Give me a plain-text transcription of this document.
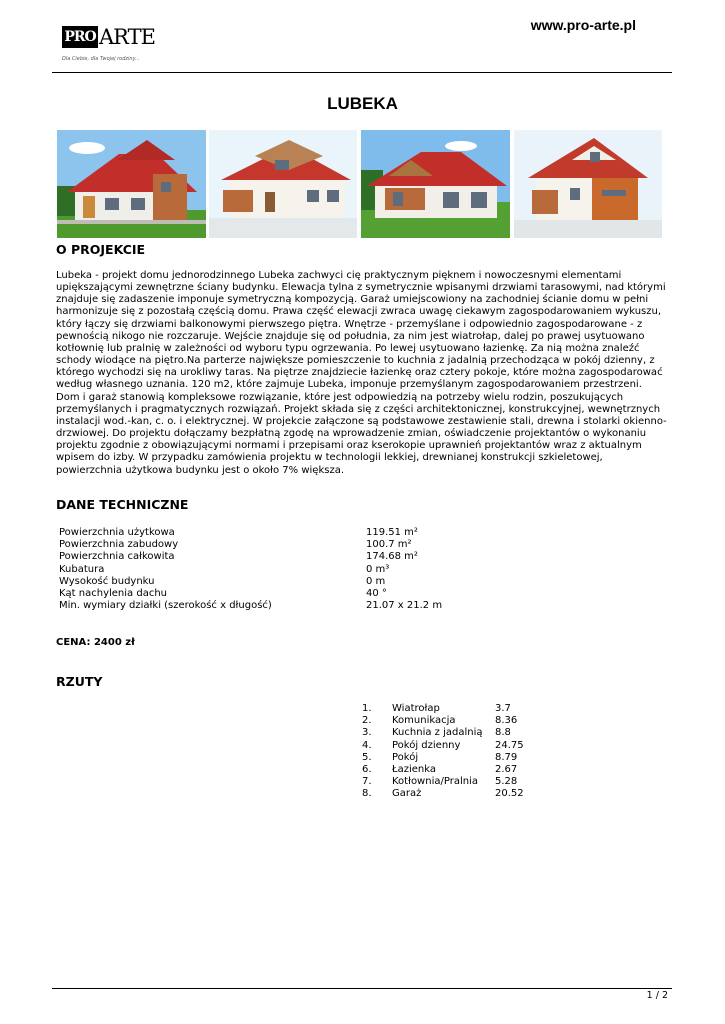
PRO ARTE
Dla Ciebie, dla Twojej rodziny...
www.pro-arte.pl
LUBEKA
O PROJEKCIE
Lubeka - projekt domu jednorodzinnego Lubeka zachwyci cię praktycznym pięknem i nowoczesnymi elementami upiększającymi zewnętrzne ściany budynku. Elewacja tylna z symetrycznie wpisanymi drzwiami tarasowymi, nad którymi znajduje się zadaszenie imponuje symetryczną kompozycją. Garaż umiejscowiony na zachodniej ścianie domu w pełni harmonizuje się z pozostałą częścią domu. Prawa część elewacji zwraca uwagę ciekawym zagospodarowaniem wykuszu, który łączy się drzwiami balkonowymi pierwszego piętra. Wnętrze - przemyślane i odpowiednio zagospodarowane - z pewnością nikogo nie rozczaruje. Wejście znajduje się od południa, za nim jest wiatrołap, dalej po prawej usytuowano kotłownię lub pralnię w zależności od wyboru typu ogrzewania. Po lewej usytuowano łazienkę. Za nią można znaleźć schody wiodące na piętro.Na parterze największe pomieszczenie to kuchnia z jadalnią przechodząca w pokój dzienny, z którego wychodzi się na urokliwy taras. Na piętrze znajdziecie łazienkę oraz cztery pokoje, które można zagospodarować według własnego uznania. 120 m2, które zajmuje Lubeka, imponuje przemyślanym zagospodarowaniem przestrzeni. Dom i garaż stanowią kompleksowe rozwiązanie, które jest odpowiedzią na potrzeby wielu rodzin, poszukujących przemyślanych i pragmatycznych rozwiązań. Projekt składa się z części architektonicznej, konstrukcyjnej, wewnętrznych instalacji wod.-kan, c. o. i elektrycznej. W projekcie załączone są podstawowe zestawienie stali, drewna i stolarki okienno-drzwiowej. Do projektu dołączamy bezpłatną zgodę na wprowadzenie zmian, oświadczenie projektantów o wykonaniu projektu zgodnie z obowiązującymi normami i przepisami oraz kserokopie uprawnień projektantów wraz z aktualnym wpisem do izby. W przypadku zamówienia projektu w technologii lekkiej, drewnianej konstrukcji szkieletowej, powierzchnia użytkowa budynku jest o około 7% większa.
DANE TECHNICZNE
Powierzchnia użytkowa	119.51 m²
Powierzchnia zabudowy	100.7 m²
Powierzchnia całkowita	174.68 m²
Kubatura	0 m³
Wysokość budynku	0 m
Kąt nachylenia dachu	40 °
Min. wymiary działki (szerokość x długość)	21.07 x 21.2 m
CENA : 2400 zł
RZUTY
1. Wiatrołap	3.7
2. Komunikacja	8.36
3. Kuchnia z jadalnią 8.8
4. Pokój dzienny	24.75
5. Pokój	8.79
6. Łazienka	2.67
7. Kotłownia/Pralnia 5.28
8. Garaż	20.52
1 / 2
